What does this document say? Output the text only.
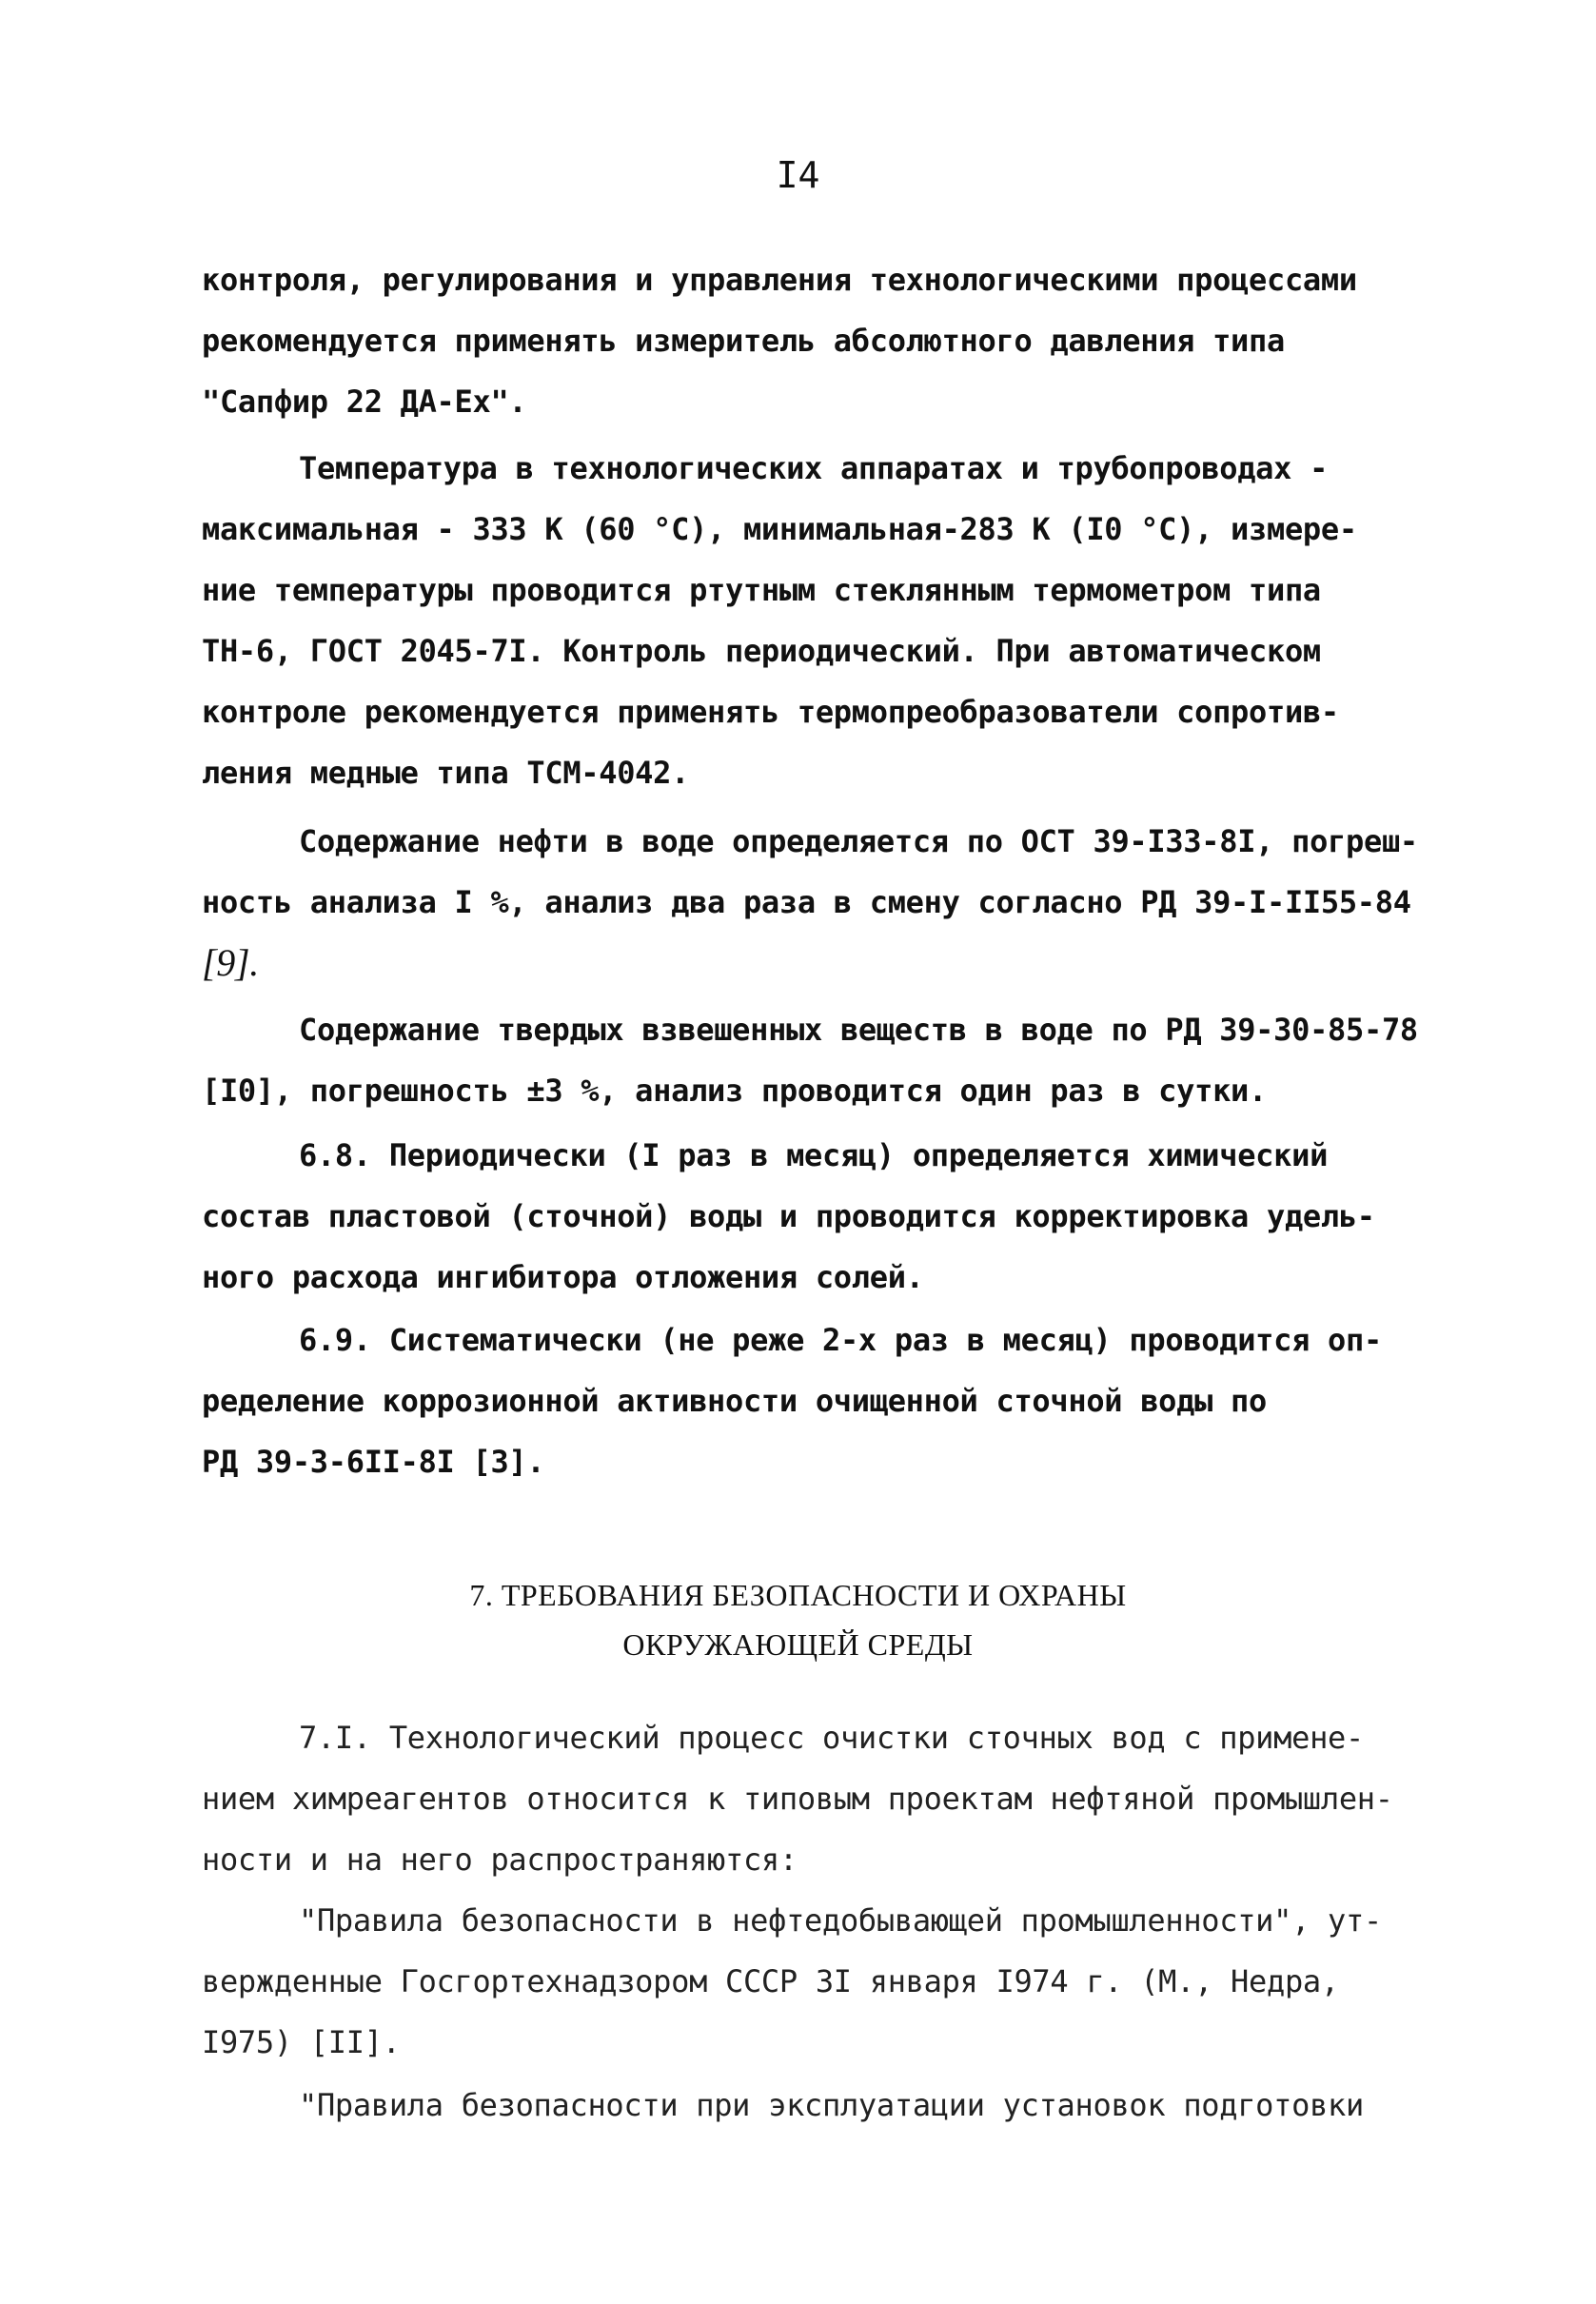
I4
контроля, регулирования и управления технологическими процессами
рекомендуется применять измеритель абсолютного давления типа
"Сапфир 22 ДА-Ех".
Температура в технологических аппаратах и трубопроводах -
максимальная - 333 К (60 °С), минимальная-283 К (I0 °С), измере-
ние температуры проводится ртутным стеклянным термометром типа
ТН-6, ГОСТ 2045-7I. Контроль периодический. При автоматическом
контроле рекомендуется применять термопреобразователи сопротив-
ления медные типа ТСМ-4042.
Содержание нефти в воде определяется по ОСТ 39-I33-8I, погреш-
ность анализа I %, анализ два раза в смену согласно РД 39-I-II55-84
[9].
Содержание твердых взвешенных веществ в воде по РД 39-30-85-78
[I0], погрешность ±3 %, анализ проводится один раз в сутки.
6.8. Периодически (I раз в месяц) определяется химический
состав пластовой (сточной) воды и проводится корректировка удель-
ного расхода ингибитора отложения солей.
6.9. Систематически (не реже 2-х раз в месяц) проводится оп-
ределение коррозионной активности очищенной сточной воды по
РД 39-3-6II-8I [3].
7. ТРЕБОВАНИЯ БЕЗОПАСНОСТИ И ОХРАНЫ
ОКРУЖАЮЩЕЙ СРЕДЫ
7.I. Технологический процесс очистки сточных вод с примене-
нием химреагентов относится к типовым проектам нефтяной промышлен-
ности и на него распространяются:
"Правила безопасности в нефтедобывающей промышленности", ут-
вержденные Госгортехнадзором СССР 3I января I974 г. (М., Недра,
I975) [II].
"Правила безопасности при эксплуатации установок подготовки
